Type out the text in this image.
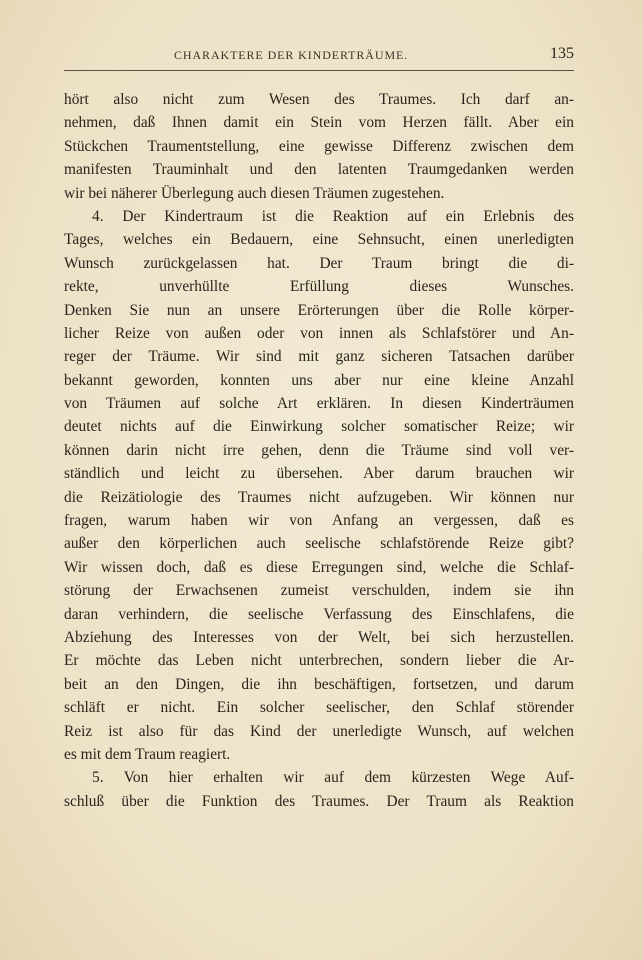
CHARAKTERE DER KINDERTRÄUME.	135
hört also nicht zum Wesen des Traumes. Ich darf an-
nehmen, daß Ihnen damit ein Stein vom Herzen fällt. Aber ein
Stückchen Traumentstellung, eine gewisse Differenz zwischen dem
manifesten Trauminhalt und den latenten Traumgedanken werden
wir bei näherer Überlegung auch diesen Träumen zugestehen.
4. Der Kindertraum ist die Reaktion auf ein Erlebnis des
Tages, welches ein Bedauern, eine Sehnsucht, einen unerledigten
Wunsch zurückgelassen hat. Der Traum bringt die di-
rekte, unverhüllte Erfüllung dieses Wunsches.
Denken Sie nun an unsere Erörterungen über die Rolle körper-
licher Reize von außen oder von innen als Schlafstörer und An-
reger der Träume. Wir sind mit ganz sicheren Tatsachen darüber
bekannt geworden, konnten uns aber nur eine kleine Anzahl
von Träumen auf solche Art erklären. In diesen Kinderträumen
deutet nichts auf die Einwirkung solcher somatischer Reize; wir
können darin nicht irre gehen, denn die Träume sind voll ver-
ständlich und leicht zu übersehen. Aber darum brauchen wir
die Reizätiologie des Traumes nicht aufzugeben. Wir können nur
fragen, warum haben wir von Anfang an vergessen, daß es
außer den körperlichen auch seelische schlafstörende Reize gibt?
Wir wissen doch, daß es diese Erregungen sind, welche die Schlaf-
störung der Erwachsenen zumeist verschulden, indem sie ihn
daran verhindern, die seelische Verfassung des Einschlafens, die
Abziehung des Interesses von der Welt, bei sich herzustellen.
Er möchte das Leben nicht unterbrechen, sondern lieber die Ar-
beit an den Dingen, die ihn beschäftigen, fortsetzen, und darum
schläft er nicht. Ein solcher seelischer, den Schlaf störender
Reiz ist also für das Kind der unerledigte Wunsch, auf welchen
es mit dem Traum reagiert.
5. Von hier erhalten wir auf dem kürzesten Wege Auf-
schluß über die Funktion des Traumes. Der Traum als Reaktion
